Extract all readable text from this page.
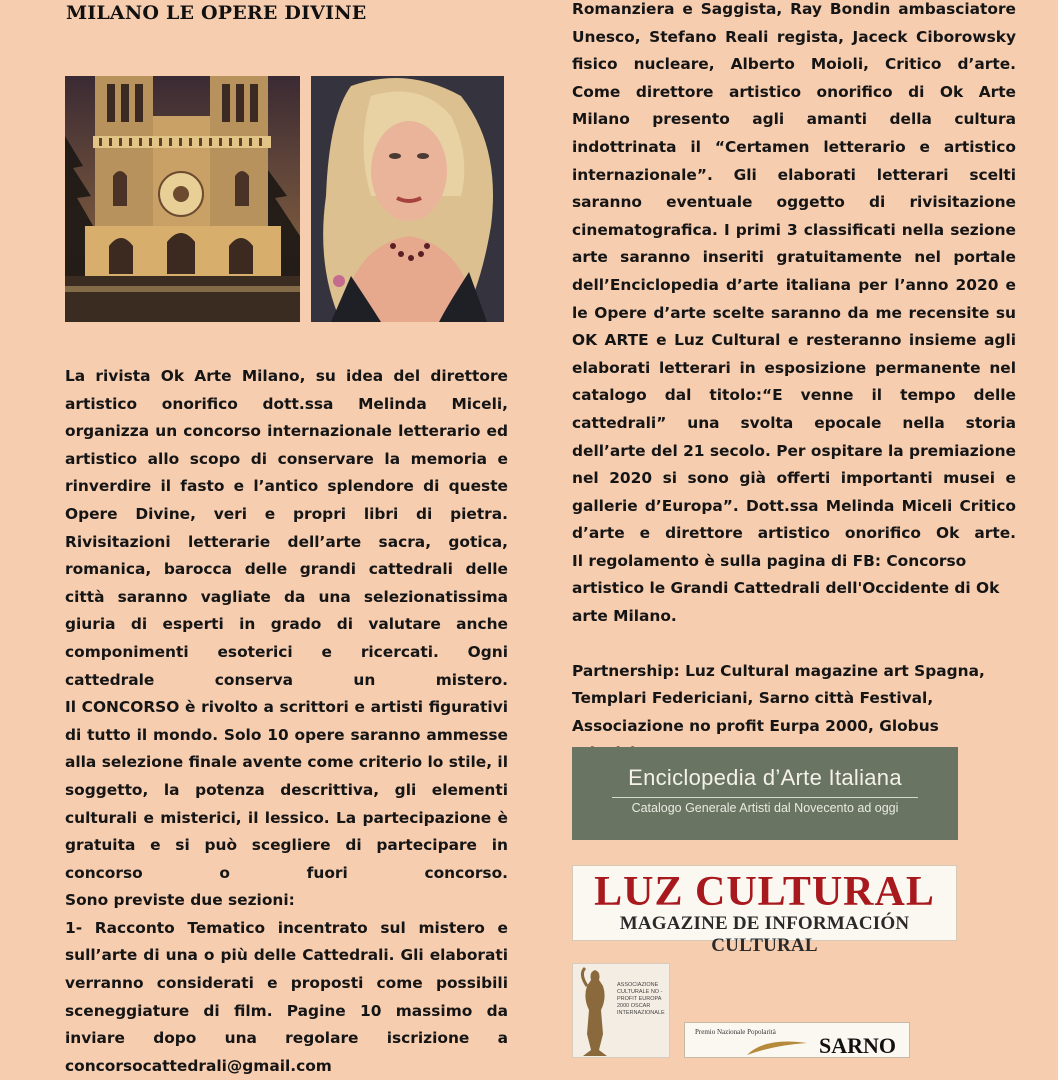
MILANO LE OPERE DIVINE

La rivista Ok Arte Milano, su idea del direttore artistico onorifico dott.ssa Melinda Miceli, organizza un concorso internazionale letterario ed artistico allo scopo di conservare la memoria e rinverdire il fasto e l’antico splendore di queste Opere Divine, veri e propri libri di pietra. Rivisitazioni letterarie dell’arte sacra, gotica, romanica, barocca delle grandi cattedrali delle città saranno vagliate da una selezionatissima giuria di esperti in grado di valutare anche componimenti esoterici e ricercati. Ogni cattedrale conserva un mistero.

Il CONCORSO è rivolto a scrittori e artisti figurativi di tutto il mondo. Solo 10 opere saranno ammesse alla selezione finale avente come criterio lo stile, il soggetto, la potenza descrittiva, gli elementi culturali e misterici, il lessico. La partecipazione è gratuita e si può scegliere di partecipare in concorso o fuori concorso.

Sono previste due sezioni:

1- Racconto Tematico incentrato sul mistero e sull’arte di una o più delle Cattedrali. Gli elaborati verranno considerati e proposti come possibili sceneggiature di film. Pagine 10 massimo da inviare dopo una regolare iscrizione a

concorsocattedrali@gmail.com

Romanziera e Saggista, Ray Bondin ambasciatore Unesco, Stefano Reali regista, Jaceck Ciborowsky fisico nucleare, Alberto Moioli, Critico d’arte.

Come direttore artistico onorifico di Ok Arte Milano presento agli amanti della cultura indottrinata il “Certamen letterario e artistico internazionale”. Gli elaborati letterari scelti saranno eventuale oggetto di rivisitazione cinematografica. I primi 3 classificati nella sezione arte saranno inseriti gratuitamente nel portale dell’Enciclopedia d’arte italiana per l’anno 2020 e le Opere d’arte scelte saranno da me recensite su OK ARTE e Luz Cultural e resteranno insieme agli elaborati letterari in esposizione permanente nel catalogo dal titolo:“E venne il tempo delle cattedrali” una svolta epocale nella storia dell’arte del 21 secolo. Per ospitare la premiazione nel 2020 si sono già offerti importanti musei e gallerie d’Europa”. Dott.ssa Melinda Miceli Critico d’arte e direttore artistico onorifico Ok arte.

Il regolamento è sulla pagina di FB: Concorso artistico le Grandi Cattedrali dell'Occidente di Ok arte Milano.

Partnership: Luz Cultural magazine art Spagna, Templari Federiciani, Sarno città Festival, Associazione no profit Eurpa 2000, Globus

Enciclopedia d’Arte Italiana
Catalogo Generale Artisti dal Novecento ad oggi
LUZ CULTURAL
MAGAZINE DE INFORMACIÓN CULTURAL
ASSOCIAZIONE CULTURALE NO - PROFIT EUROPA 2000 OSCAR INTERNAZIONALE
Premio Nazionale Popolarità
SARNO
